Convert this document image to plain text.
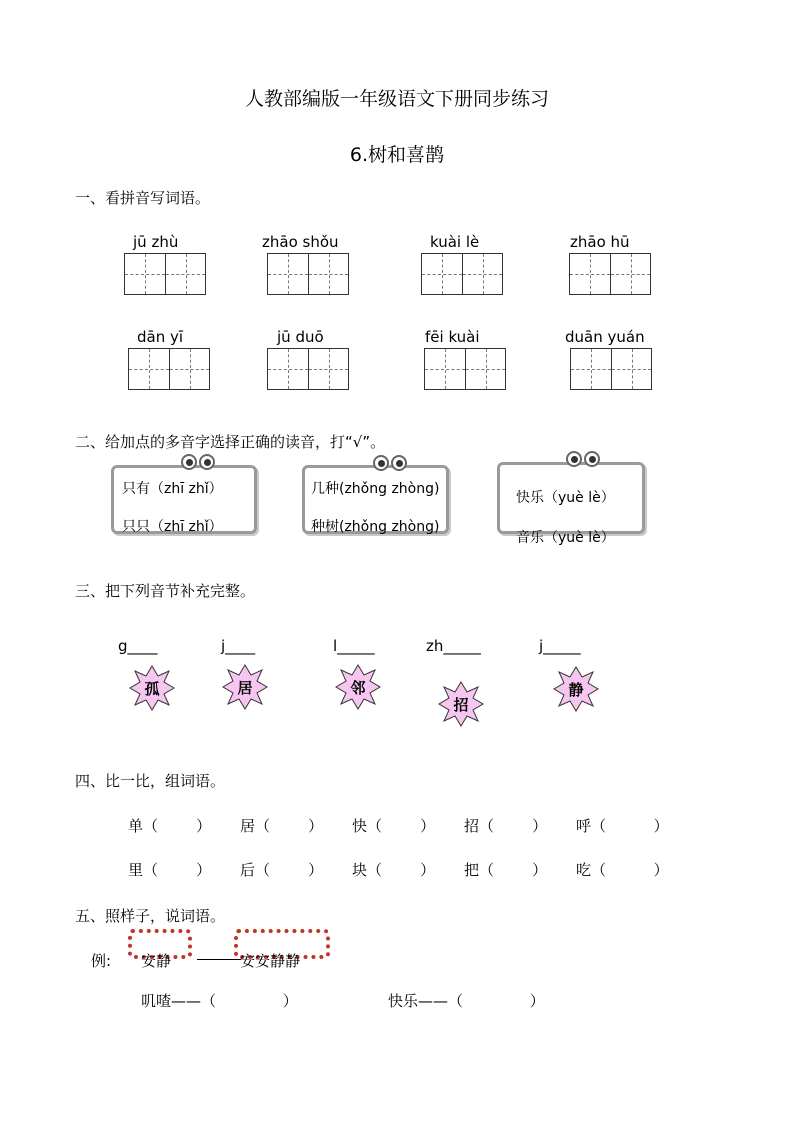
人教部编版一年级语文下册同步练习
6.树和喜鹊
一、看拼音写词语。
jū zhù	zhāo shǒu	kuài lè	zhāo hū
dān yī	jū duō	fēi kuài	duān yuán
二、给加点的多音字选择正确的读音，打“√”。
只有（zhī zhǐ）
只只（zhī zhǐ）
几种(zhǒng zhòng)
种树(zhǒng zhòng)
快乐（yuè lè）
音乐（yuè lè）
三、把下列音节补充完整。
g____	j____	l_____	zh_____	j_____
孤	居	邻
招
静
四、比一比，组词语。
单（        ） 居（        ） 快（        ） 招（        ） 呼（          ）
里（        ） 后（        ） 块（        ） 把（        ） 吃（          ）
五、照样子，说词语。
例: 安静	安安静静
叽喳——（              ）	快乐——（              ）
